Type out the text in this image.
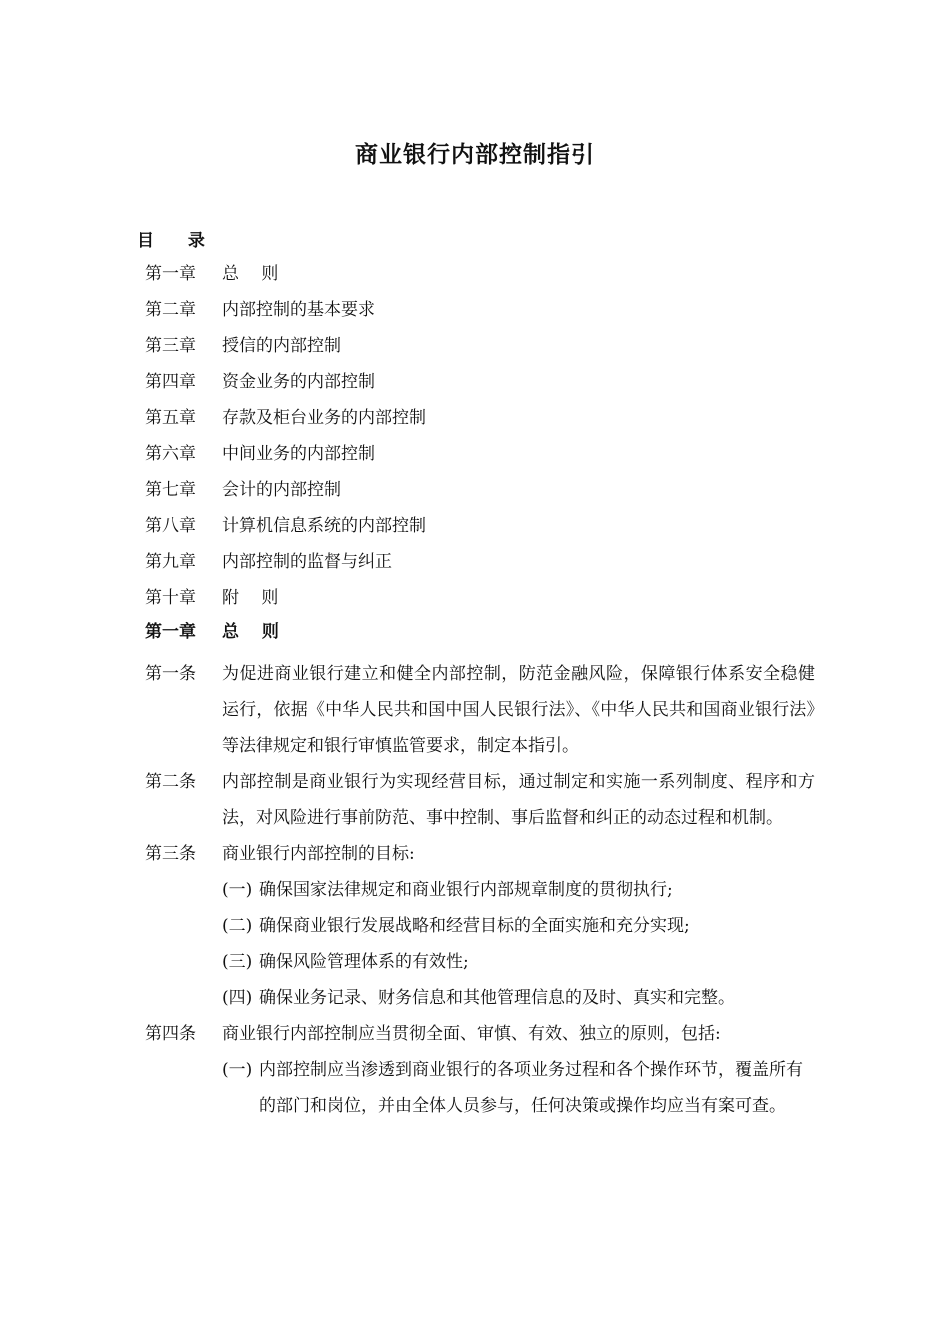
商业银行内部控制指引
目 录
第一章 总　 则
第二章 内部控制的基本要求
第三章 授信的内部控制
第四章 资金业务的内部控制
第五章 存款及柜台业务的内部控制
第六章 中间业务的内部控制
第七章 会计的内部控制
第八章 计算机信息系统的内部控制
第九章 内部控制的监督与纠正
第十章 附　 则
第一章 总　 则
第一条 为促进商业银行建立和健全内部控制，防范金融风险，保障银行体系安全稳健运行，依据《中华人民共和国中国人民银行法》、《中华人民共和国商业银行法》等法律规定和银行审慎监管要求，制定本指引。
第二条 内部控制是商业银行为实现经营目标，通过制定和实施一系列制度、程序和方法，对风险进行事前防范、事中控制、事后监督和纠正的动态过程和机制。
第三条 商业银行内部控制的目标:
(一) 确保国家法律规定和商业银行内部规章制度的贯彻执行;
(二) 确保商业银行发展战略和经营目标的全面实施和充分实现;
(三) 确保风险管理体系的有效性;
(四) 确保业务记录、财务信息和其他管理信息的及时、真实和完整。
第四条 商业银行内部控制应当贯彻全面、审慎、有效、独立的原则，包括:
(一) 内部控制应当渗透到商业银行的各项业务过程和各个操作环节，覆盖所有的部门和岗位，并由全体人员参与，任何决策或操作均应当有案可查。
